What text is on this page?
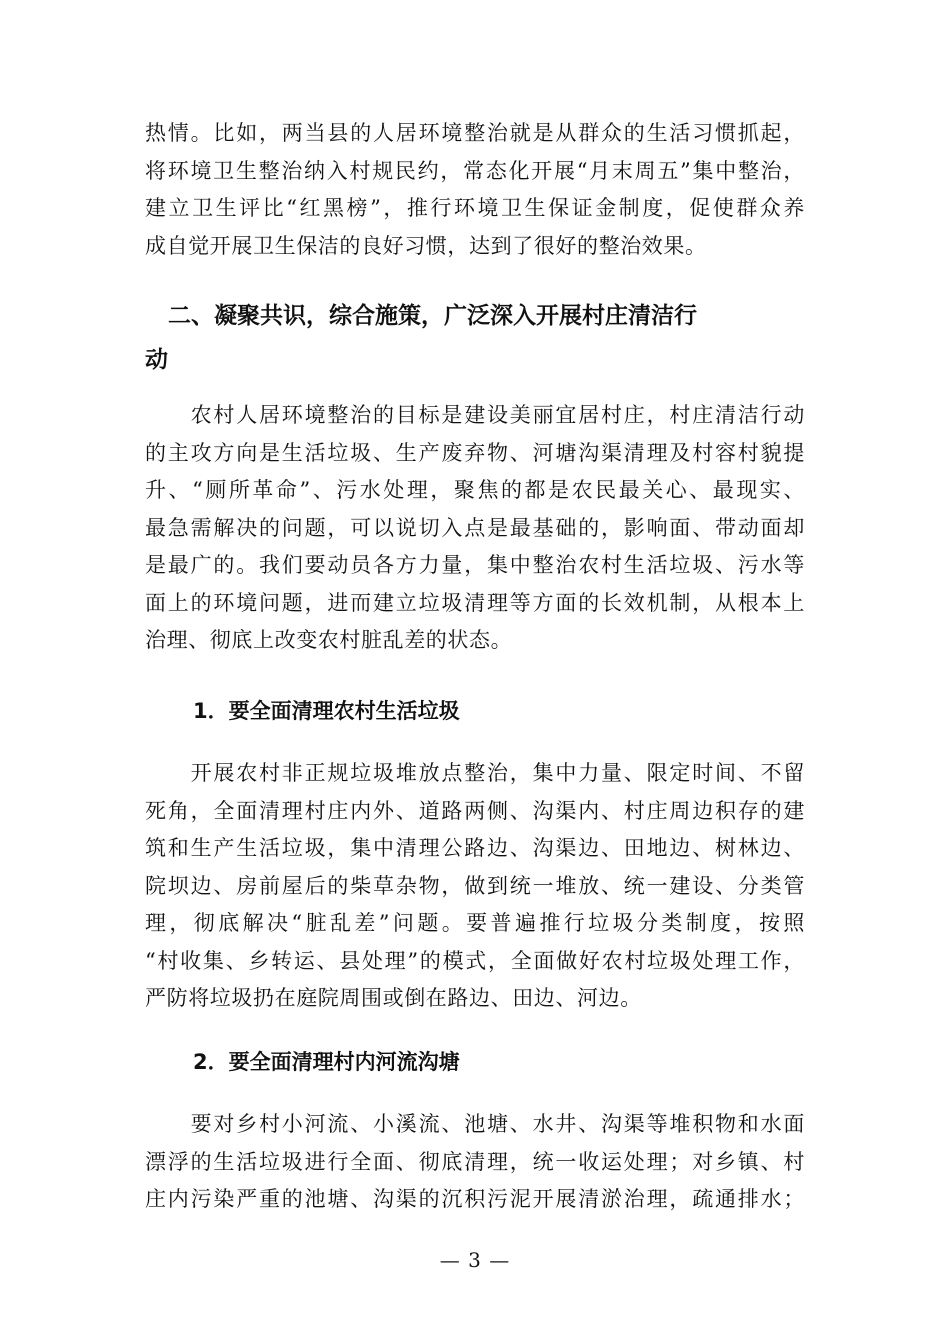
热情。比如，两当县的人居环境整治就是从群众的生活习惯抓起，
将环境卫生整治纳入村规民约，常态化开展“月末周五”集中整治，
建立卫生评比“红黑榜”，推行环境卫生保证金制度，促使群众养
成自觉开展卫生保洁的良好习惯，达到了很好的整治效果。
　二、凝聚共识，综合施策，广泛深入开展村庄清洁行
动
　　农村人居环境整治的目标是建设美丽宜居村庄，村庄清洁行动
的主攻方向是生活垃圾、生产废弃物、河塘沟渠清理及村容村貌提
升、“厕所革命”、污水处理，聚焦的都是农民最关心、最现实、
最急需解决的问题，可以说切入点是最基础的，影响面、带动面却
是最广的。我们要动员各方力量，集中整治农村生活垃圾、污水等
面上的环境问题，进而建立垃圾清理等方面的长效机制，从根本上
治理、彻底上改变农村脏乱差的状态。
1．要全面清理农村生活垃圾
　　开展农村非正规垃圾堆放点整治，集中力量、限定时间、不留
死角，全面清理村庄内外、道路两侧、沟渠内、村庄周边积存的建
筑和生产生活垃圾，集中清理公路边、沟渠边、田地边、树林边、
院坝边、房前屋后的柴草杂物，做到统一堆放、统一建设、分类管
理，彻底解决“脏乱差”问题。要普遍推行垃圾分类制度，按照
“村收集、乡转运、县处理”的模式，全面做好农村垃圾处理工作，
严防将垃圾扔在庭院周围或倒在路边、田边、河边。
2．要全面清理村内河流沟塘
　　要对乡村小河流、小溪流、池塘、水井、沟渠等堆积物和水面
漂浮的生活垃圾进行全面、彻底清理，统一收运处理；对乡镇、村
庄内污染严重的池塘、沟渠的沉积污泥开展清淤治理，疏通排水；
— 3 —
